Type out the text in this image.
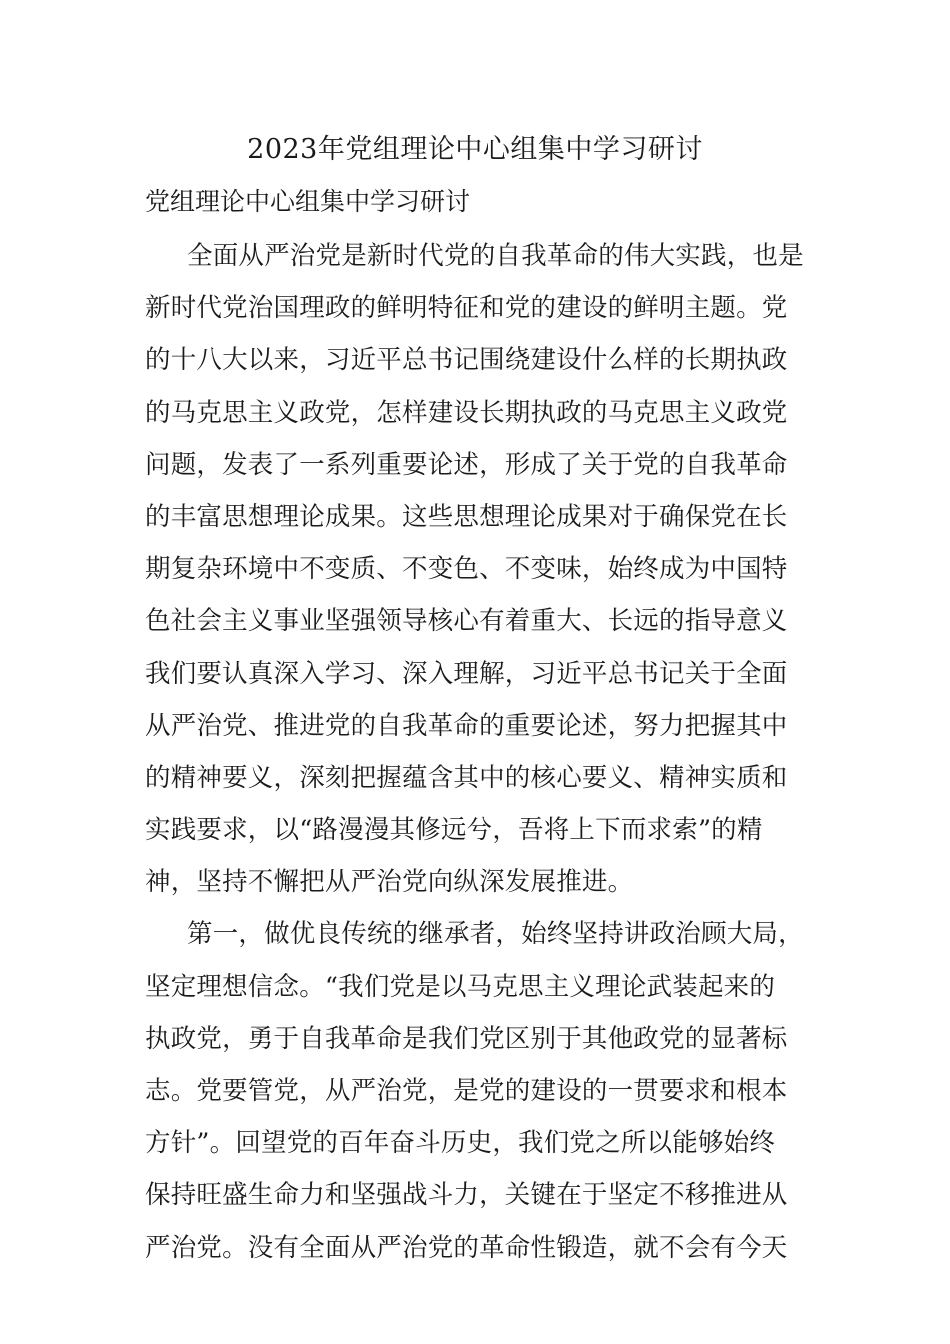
2023年党组理论中心组集中学习研讨
党组理论中心组集中学习研讨
全面从严治党是新时代党的自我革命的伟大实践，也是
新时代党治国理政的鲜明特征和党的建设的鲜明主题。党
的十八大以来，习近平总书记围绕建设什么样的长期执政
的马克思主义政党，怎样建设长期执政的马克思主义政党
问题，发表了一系列重要论述，形成了关于党的自我革命
的丰富思想理论成果。这些思想理论成果对于确保党在长
期复杂环境中不变质、不变色、不变味，始终成为中国特
色社会主义事业坚强领导核心有着重大、长远的指导意义
我们要认真深入学习、深入理解，习近平总书记关于全面
从严治党、推进党的自我革命的重要论述，努力把握其中
的精神要义，深刻把握蕴含其中的核心要义、精神实质和
实践要求，以“路漫漫其修远兮，吾将上下而求索”的精
神，坚持不懈把从严治党向纵深发展推进。
第一，做优良传统的继承者，始终坚持讲政治顾大局，
坚定理想信念。“我们党是以马克思主义理论武装起来的
执政党，勇于自我革命是我们党区别于其他政党的显著标
志。党要管党，从严治党，是党的建设的一贯要求和根本
方针”。回望党的百年奋斗历史，我们党之所以能够始终
保持旺盛生命力和坚强战斗力，关键在于坚定不移推进从
严治党。没有全面从严治党的革命性锻造，就不会有今天
